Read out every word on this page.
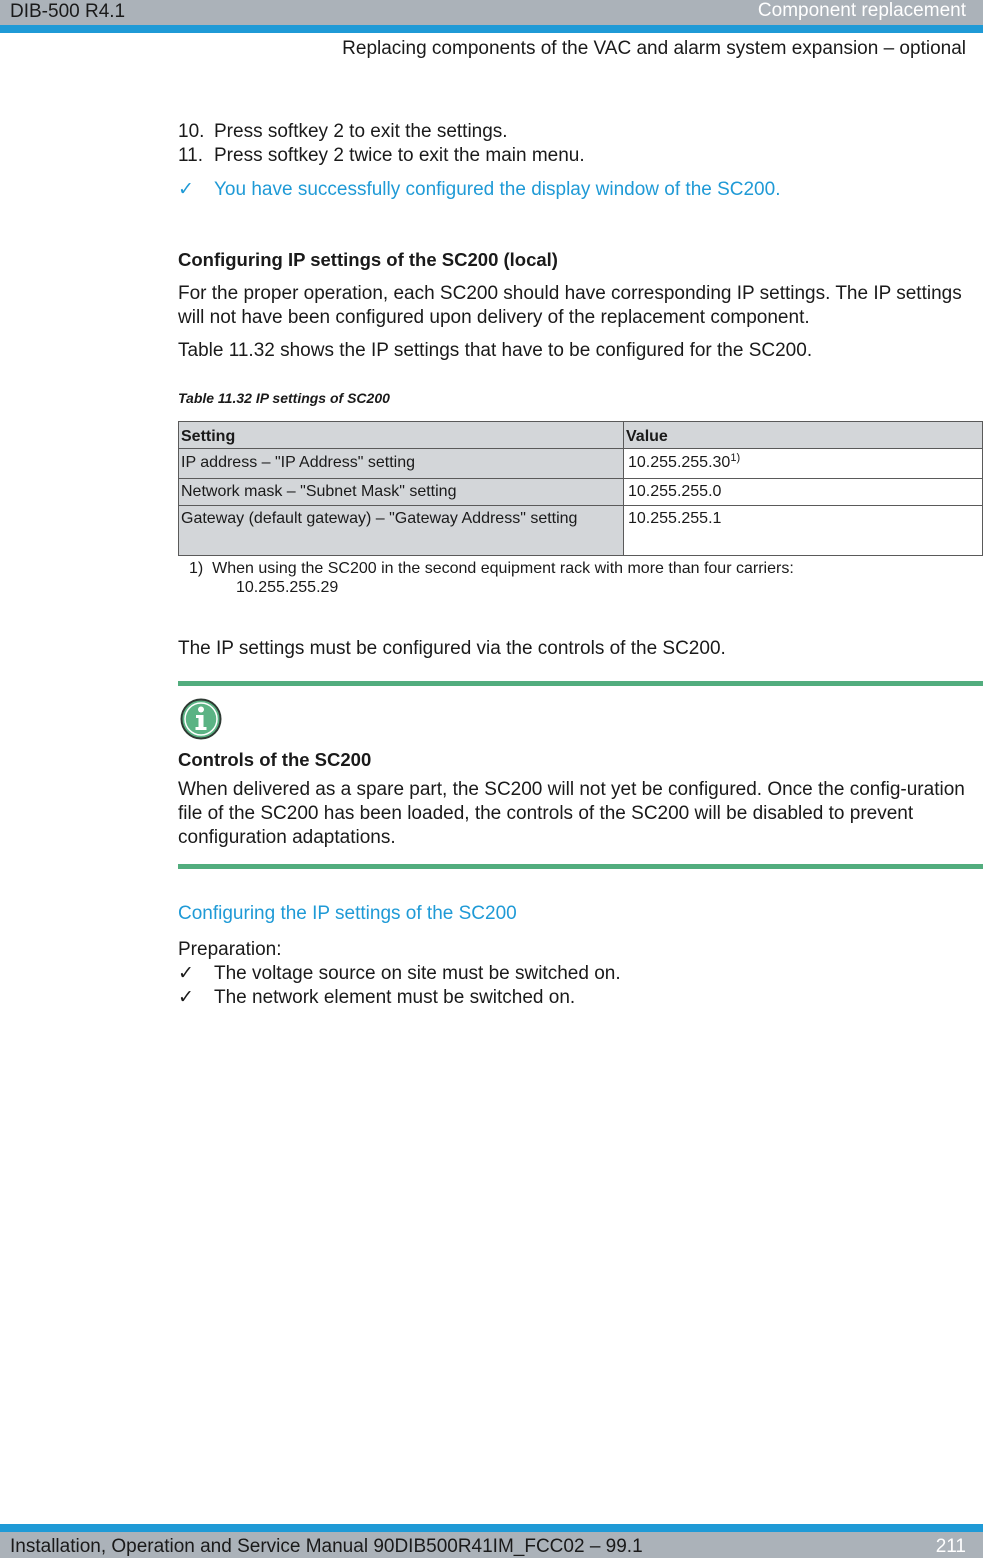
DIB-500 R4.1	Component replacement
Replacing components of the VAC and alarm system expansion – optional
10. Press softkey 2 to exit the settings.
11. Press softkey 2 twice to exit the main menu.
✓	You have successfully configured the display window of the SC200.
Configuring IP settings of the SC200 (local)
For the proper operation, each SC200 should have corresponding IP settings. The IP settings will not have been configured upon delivery of the replacement component.
Table 11.32 shows the IP settings that have to be configured for the SC200.
Table 11.32 IP settings of SC200
Setting	Value
IP address – "IP Address" setting	10.255.255.30$^{1)}$
Network mask – "Subnet Mask" setting	10.255.255.0
Gateway (default gateway) – "Gateway Address" setting	10.255.255.1
1) When using the SC200 in the second equipment rack with more than four carriers:
10.255.255.29
The IP settings must be configured via the controls of the SC200.
Controls of the SC200
When delivered as a spare part, the SC200 will not yet be configured. Once the config-uration file of the SC200 has been loaded, the controls of the SC200 will be disabled to prevent configuration adaptations.
Configuring the IP settings of the SC200
Preparation:
✓	The voltage source on site must be switched on.
✓	The network element must be switched on.
Installation, Operation and Service Manual 90DIB500R41IM_FCC02 – 99.1	211
